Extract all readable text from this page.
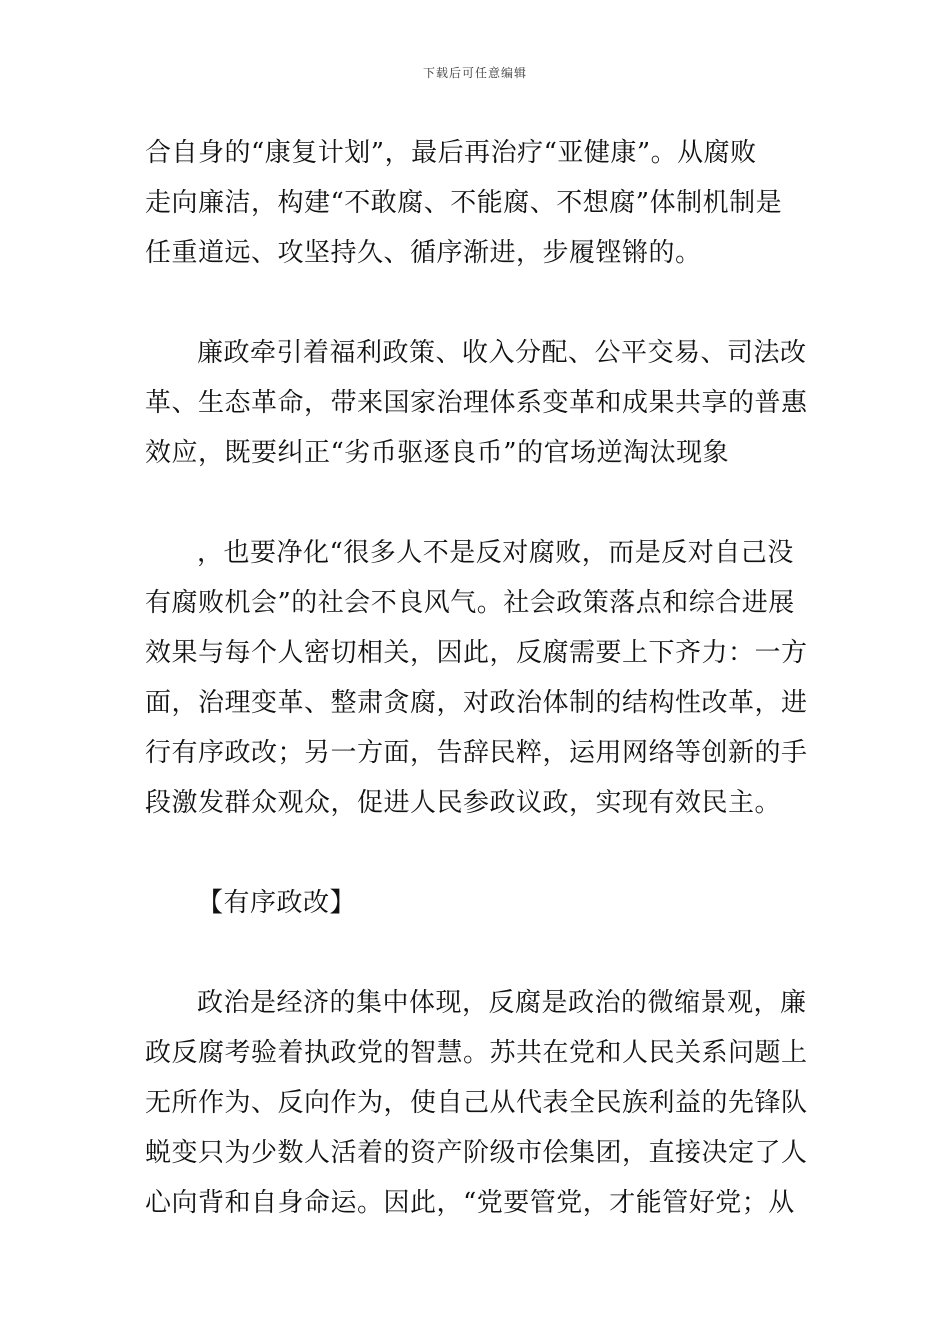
下载后可任意编辑
合自身的“康复计划”，最后再治疗“亚健康”。从腐败
走向廉洁，构建“不敢腐、不能腐、不想腐”体制机制是
任重道远、攻坚持久、循序渐进，步履铿锵的。
廉政牵引着福利政策、收入分配、公平交易、司法改
革、生态革命，带来国家治理体系变革和成果共享的普惠
效应，既要纠正“劣币驱逐良币”的官场逆淘汰现象
，也要净化“很多人不是反对腐败，而是反对自己没
有腐败机会”的社会不良风气。社会政策落点和综合进展
效果与每个人密切相关，因此，反腐需要上下齐力：一方
面，治理变革、整肃贪腐，对政治体制的结构性改革，进
行有序政改；另一方面，告辞民粹，运用网络等创新的手
段激发群众观众，促进人民参政议政，实现有效民主。
【有序政改】
政治是经济的集中体现，反腐是政治的微缩景观，廉
政反腐考验着执政党的智慧。苏共在党和人民关系问题上
无所作为、反向作为，使自己从代表全民族利益的先锋队
蜕变只为少数人活着的资产阶级市侩集团，直接决定了人
心向背和自身命运。因此，“党要管党，才能管好党；从
